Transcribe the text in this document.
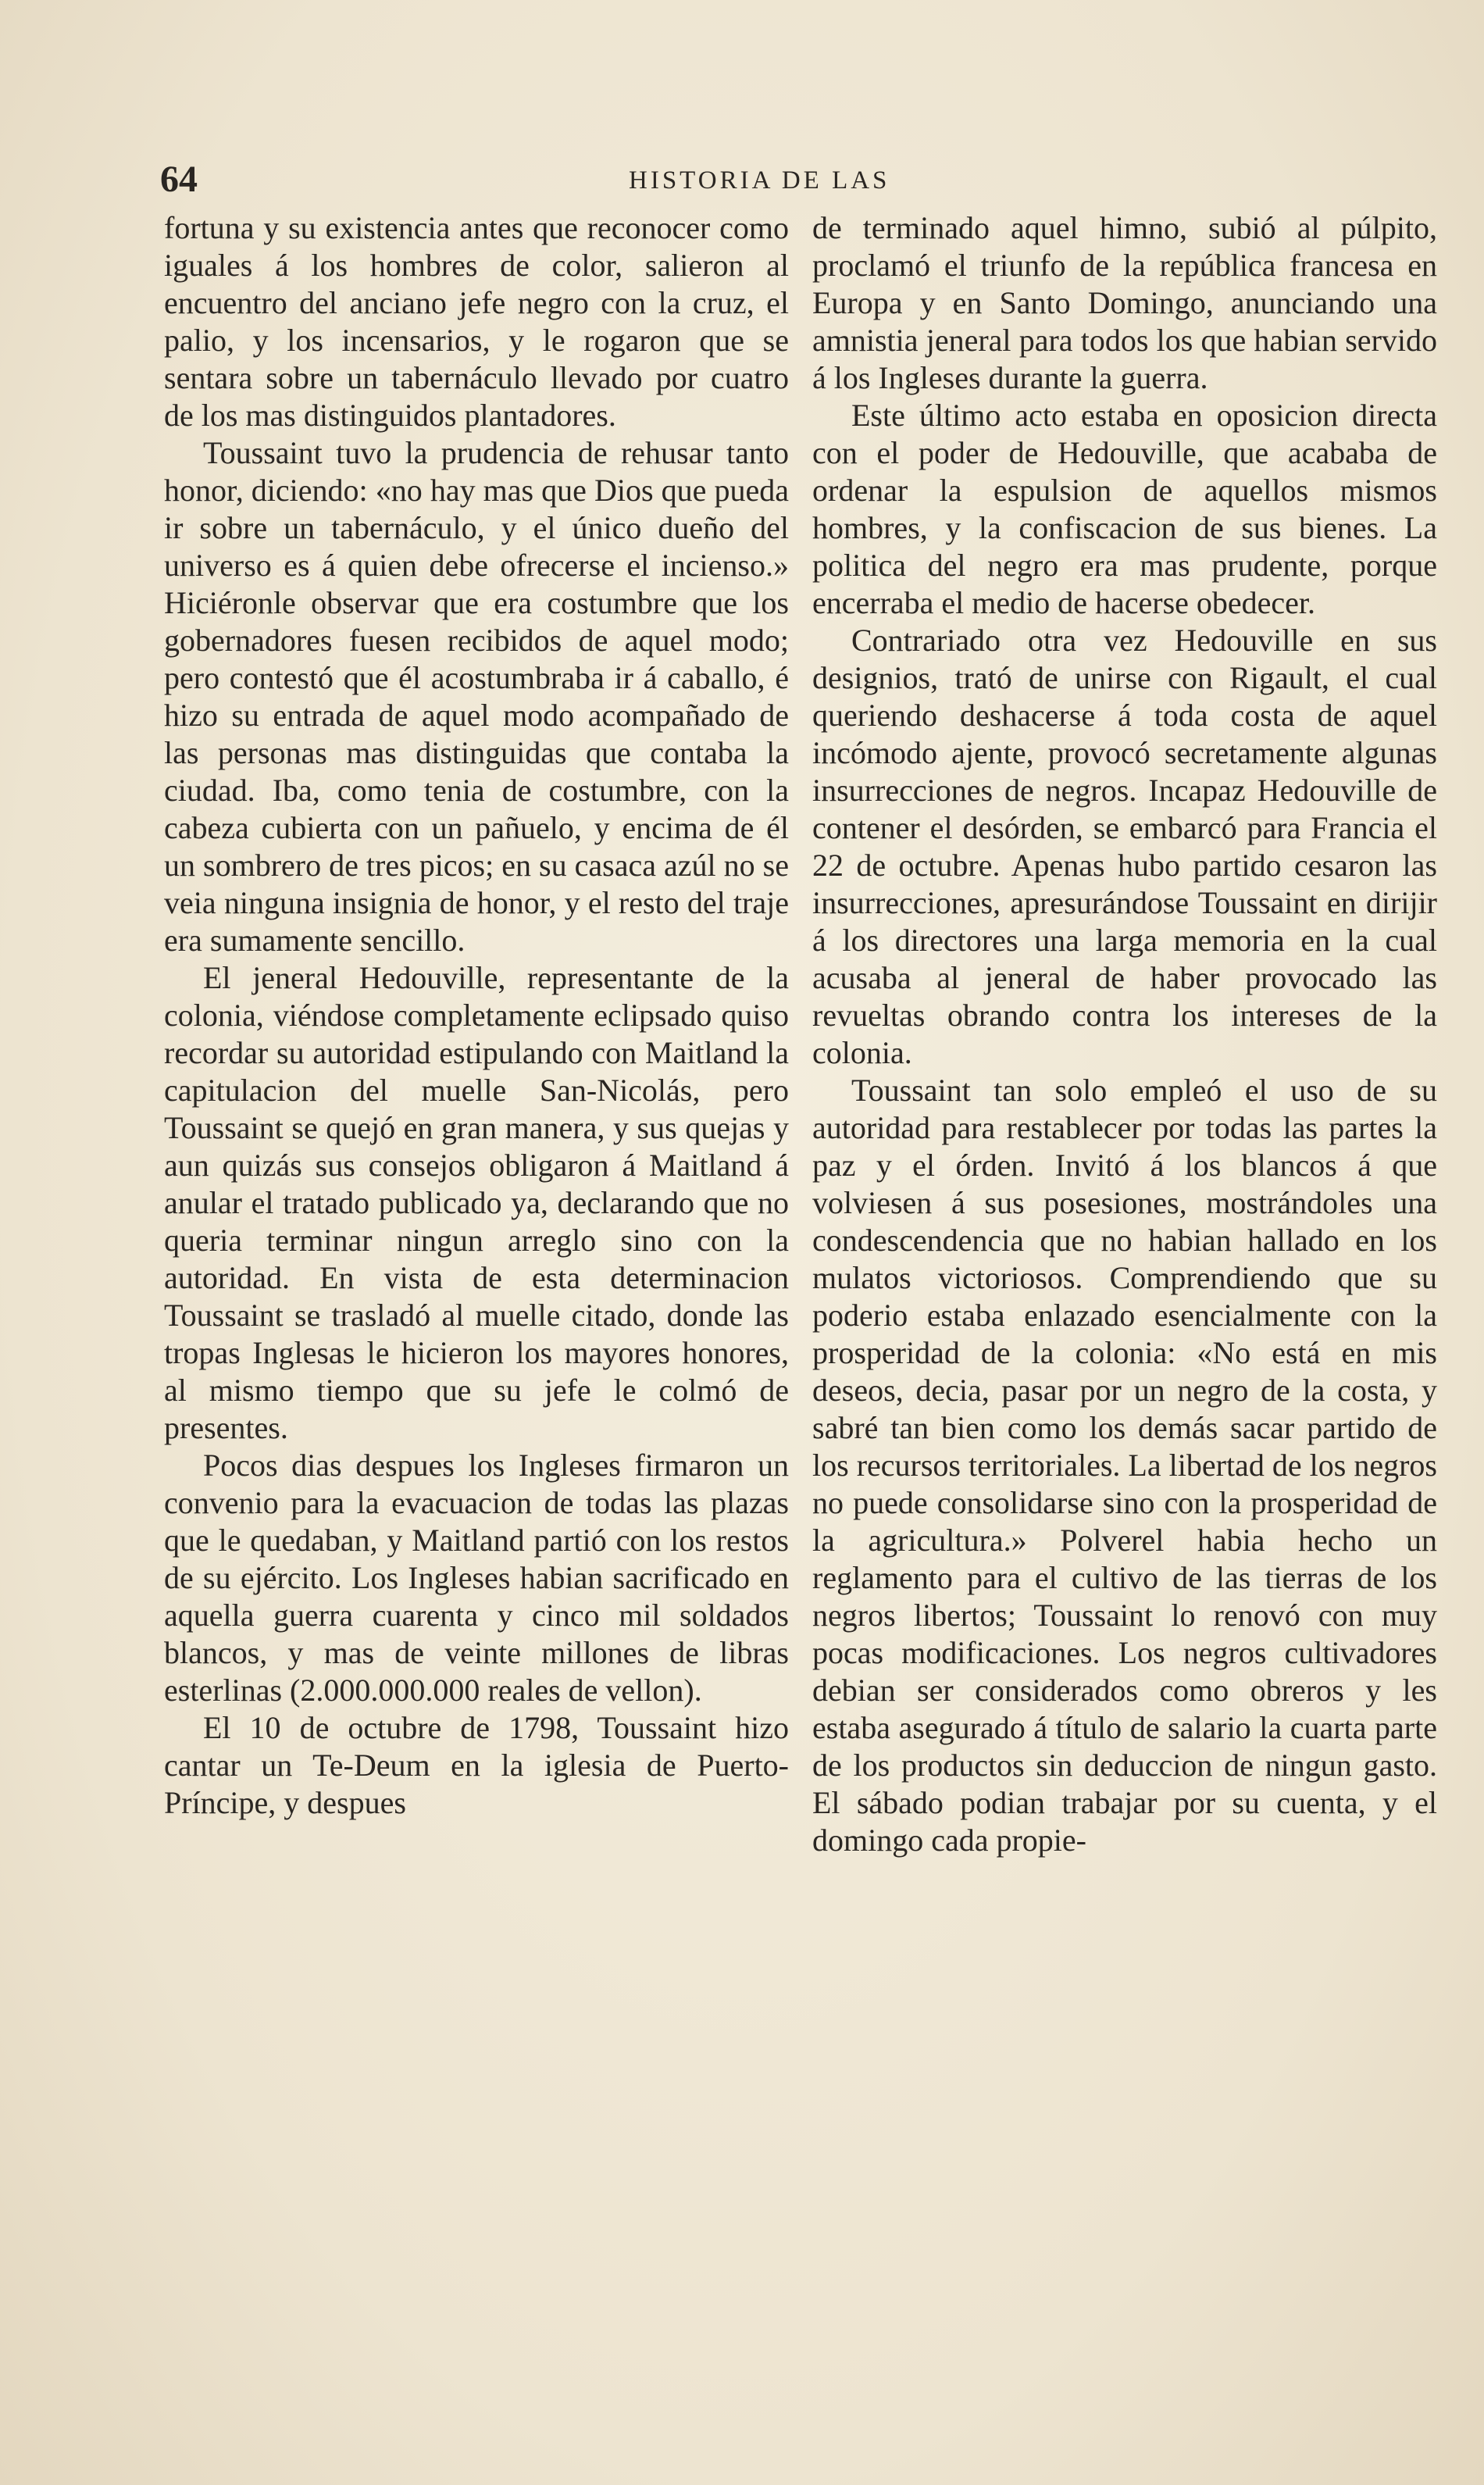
64	HISTORIA DE LAS

fortuna y su existencia antes que reconocer como iguales á los hombres de color, salieron al encuentro del anciano jefe negro con la cruz, el palio, y los incensarios, y le rogaron que se sentara sobre un tabernáculo llevado por cuatro de los mas distinguidos plantadores.

Toussaint tuvo la prudencia de rehusar tanto honor, diciendo: «no hay mas que Dios que pueda ir sobre un tabernáculo, y el único dueño del universo es á quien debe ofrecerse el incienso.» Hiciéronle observar que era costumbre que los gobernadores fuesen recibidos de aquel modo; pero contestó que él acostumbraba ir á caballo, é hizo su entrada de aquel modo acompañado de las personas mas distinguidas que contaba la ciudad. Iba, como tenia de costumbre, con la cabeza cubierta con un pañuelo, y encima de él un sombrero de tres picos; en su casaca azúl no se veia ninguna insignia de honor, y el resto del traje era sumamente sencillo.

El jeneral Hedouville, representante de la colonia, viéndose completamente eclipsado quiso recordar su autoridad estipulando con Maitland la capitulacion del muelle San-Nicolás, pero Toussaint se quejó en gran manera, y sus quejas y aun quizás sus consejos obligaron á Maitland á anular el tratado publicado ya, declarando que no queria terminar ningun arreglo sino con la autoridad. En vista de esta determinacion Toussaint se trasladó al muelle citado, donde las tropas Inglesas le hicieron los mayores honores, al mismo tiempo que su jefe le colmó de presentes.

Pocos dias despues los Ingleses firmaron un convenio para la evacuacion de todas las plazas que le quedaban, y Maitland partió con los restos de su ejército. Los Ingleses habian sacrificado en aquella guerra cuarenta y cinco mil soldados blancos, y mas de veinte millones de libras esterlinas (2.000.000.000 reales de vellon).

El 10 de octubre de 1798, Toussaint hizo cantar un Te-Deum en la iglesia de Puerto-Príncipe, y despues

de terminado aquel himno, subió al púlpito, proclamó el triunfo de la república francesa en Europa y en Santo Domingo, anunciando una amnistia jeneral para todos los que habian servido á los Ingleses durante la guerra.

Este último acto estaba en oposicion directa con el poder de Hedouville, que acababa de ordenar la espulsion de aquellos mismos hombres, y la confiscacion de sus bienes. La politica del negro era mas prudente, porque encerraba el medio de hacerse obedecer.

Contrariado otra vez Hedouville en sus designios, trató de unirse con Rigault, el cual queriendo deshacerse á toda costa de aquel incómodo ajente, provocó secretamente algunas insurrecciones de negros. Incapaz Hedouville de contener el desórden, se embarcó para Francia el 22 de octubre. Apenas hubo partido cesaron las insurrecciones, apresurándose Toussaint en dirijir á los directores una larga memoria en la cual acusaba al jeneral de haber provocado las revueltas obrando contra los intereses de la colonia.

Toussaint tan solo empleó el uso de su autoridad para restablecer por todas las partes la paz y el órden. Invitó á los blancos á que volviesen á sus posesiones, mostrándoles una condescendencia que no habian hallado en los mulatos victoriosos. Comprendiendo que su poderio estaba enlazado esencialmente con la prosperidad de la colonia: «No está en mis deseos, decia, pasar por un negro de la costa, y sabré tan bien como los demás sacar partido de los recursos territoriales. La libertad de los negros no puede consolidarse sino con la prosperidad de la agricultura.» Polverel habia hecho un reglamento para el cultivo de las tierras de los negros libertos; Toussaint lo renovó con muy pocas modificaciones. Los negros cultivadores debian ser considerados como obreros y les estaba asegurado á título de salario la cuarta parte de los productos sin deduccion de ningun gasto. El sábado podian trabajar por su cuenta, y el domingo cada propie-
